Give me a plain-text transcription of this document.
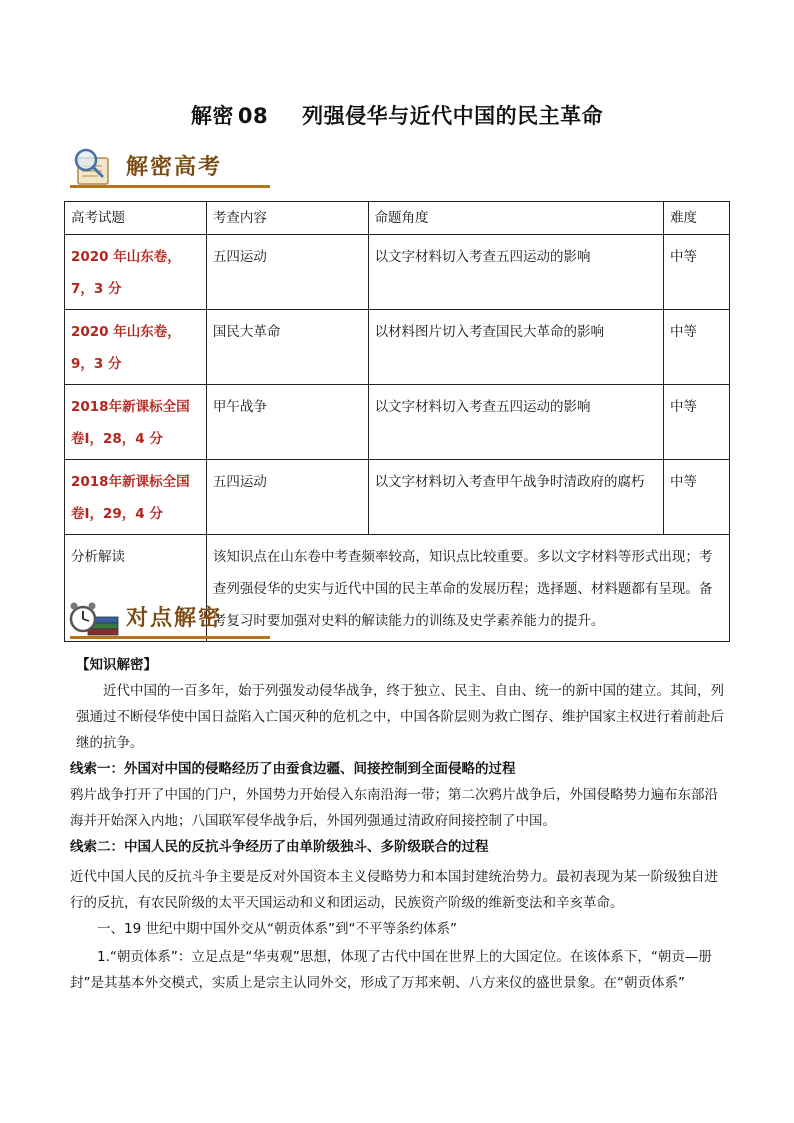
解密 08 列强侵华与近代中国的民主革命
解密高考
高考试题	考查内容	命题角度	难度
2020 年山东卷，7，3 分	五四运动	以文字材料切入考查五四运动的影响	中等
2020 年山东卷，9，3 分	国民大革命	以材料图片切入考查国民大革命的影响	中等
2018年新课标全国卷Ⅰ，28，4 分	甲午战争	以文字材料切入考查五四运动的影响	中等
2018年新课标全国卷Ⅰ，29，4 分	五四运动	以文字材料切入考查甲午战争时清政府的腐朽	中等
分析解读	该知识点在山东卷中考查频率较高，知识点比较重要。多以文字材料等形式出现；考查列强侵华的史实与近代中国的民主革命的发展历程；选择题、材料题都有呈现。备考复习时要加强对史料的解读能力的训练及史学素养能力的提升。		
对点解密

【知识解密】

近代中国的一百多年，始于列强发动侵华战争，终于独立、民主、自由、统一的新中国的建立。其间，列强通过不断侵华使中国日益陷入亡国灭种的危机之中，中国各阶层则为救亡图存、维护国家主权进行着前赴后继的抗争。

线索一：外国对中国的侵略经历了由蚕食边疆、间接控制到全面侵略的过程

鸦片战争打开了中国的门户，外国势力开始侵入东南沿海一带；第二次鸦片战争后，外国侵略势力遍布东部沿海并开始深入内地；八国联军侵华战争后，外国列强通过清政府间接控制了中国。

线索二：中国人民的反抗斗争经历了由单阶级独斗、多阶级联合的过程

近代中国人民的反抗斗争主要是反对外国资本主义侵略势力和本国封建统治势力。最初表现为某一阶级独自进行的反抗，有农民阶级的太平天国运动和义和团运动，民族资产阶级的维新变法和辛亥革命。

一、19 世纪中期中国外交从“朝贡体系”到“不平等条约体系”

1.“朝贡体系”：立足点是“华夷观”思想，体现了古代中国在世界上的大国定位。在该体系下，“朝贡—册封”是其基本外交模式，实质上是宗主认同外交，形成了万邦来朝、八方来仪的盛世景象。在“朝贡体系”
